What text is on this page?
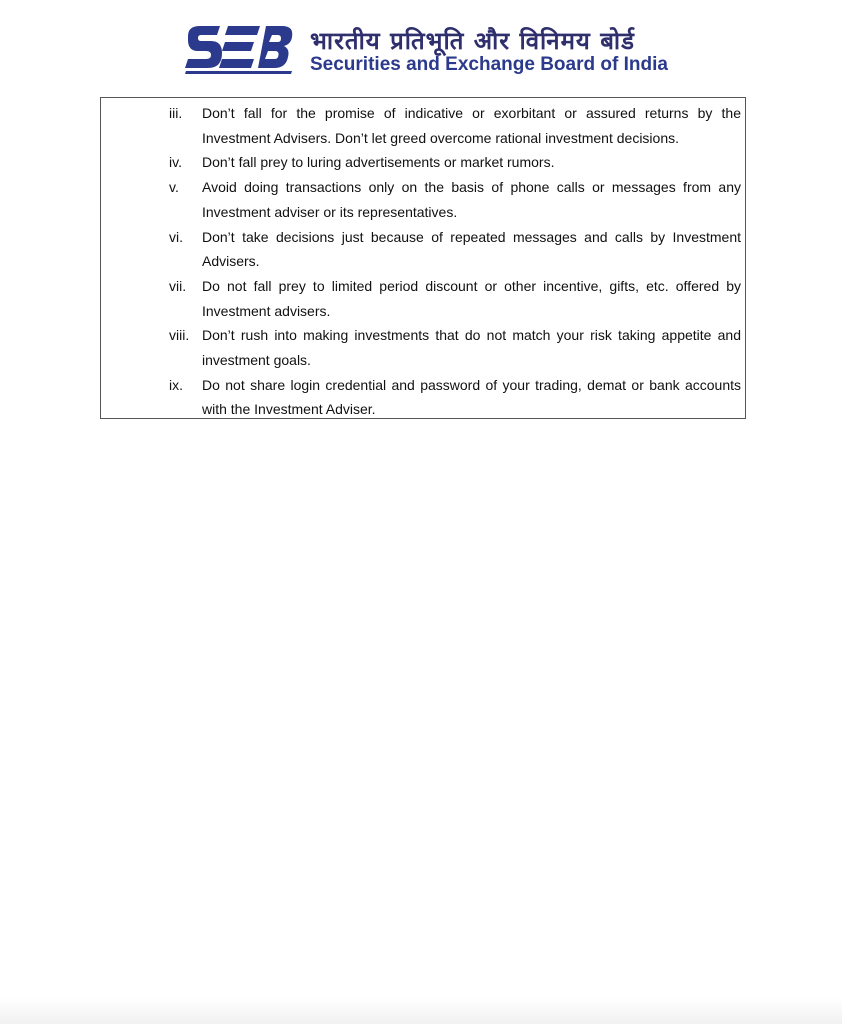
भारतीय प्रतिभूति और विनिमय बोर्ड
Securities and Exchange Board of India
iii.	Don’t fall for the promise of indicative or exorbitant or assured returns by the Investment Advisers. Don’t let greed overcome rational investment decisions.
iv.	Don’t fall prey to luring advertisements or market rumors.
v.	Avoid doing transactions only on the basis of phone calls or messages from any Investment adviser or its representatives.
vi.	Don’t take decisions just because of repeated messages and calls by Investment Advisers.
vii.	Do not fall prey to limited period discount or other incentive, gifts, etc. offered by Investment advisers.
viii. Don’t rush into making investments that do not match your risk taking appetite and investment goals.
ix.	Do not share login credential and password of your trading, demat or bank accounts with the Investment Adviser.
